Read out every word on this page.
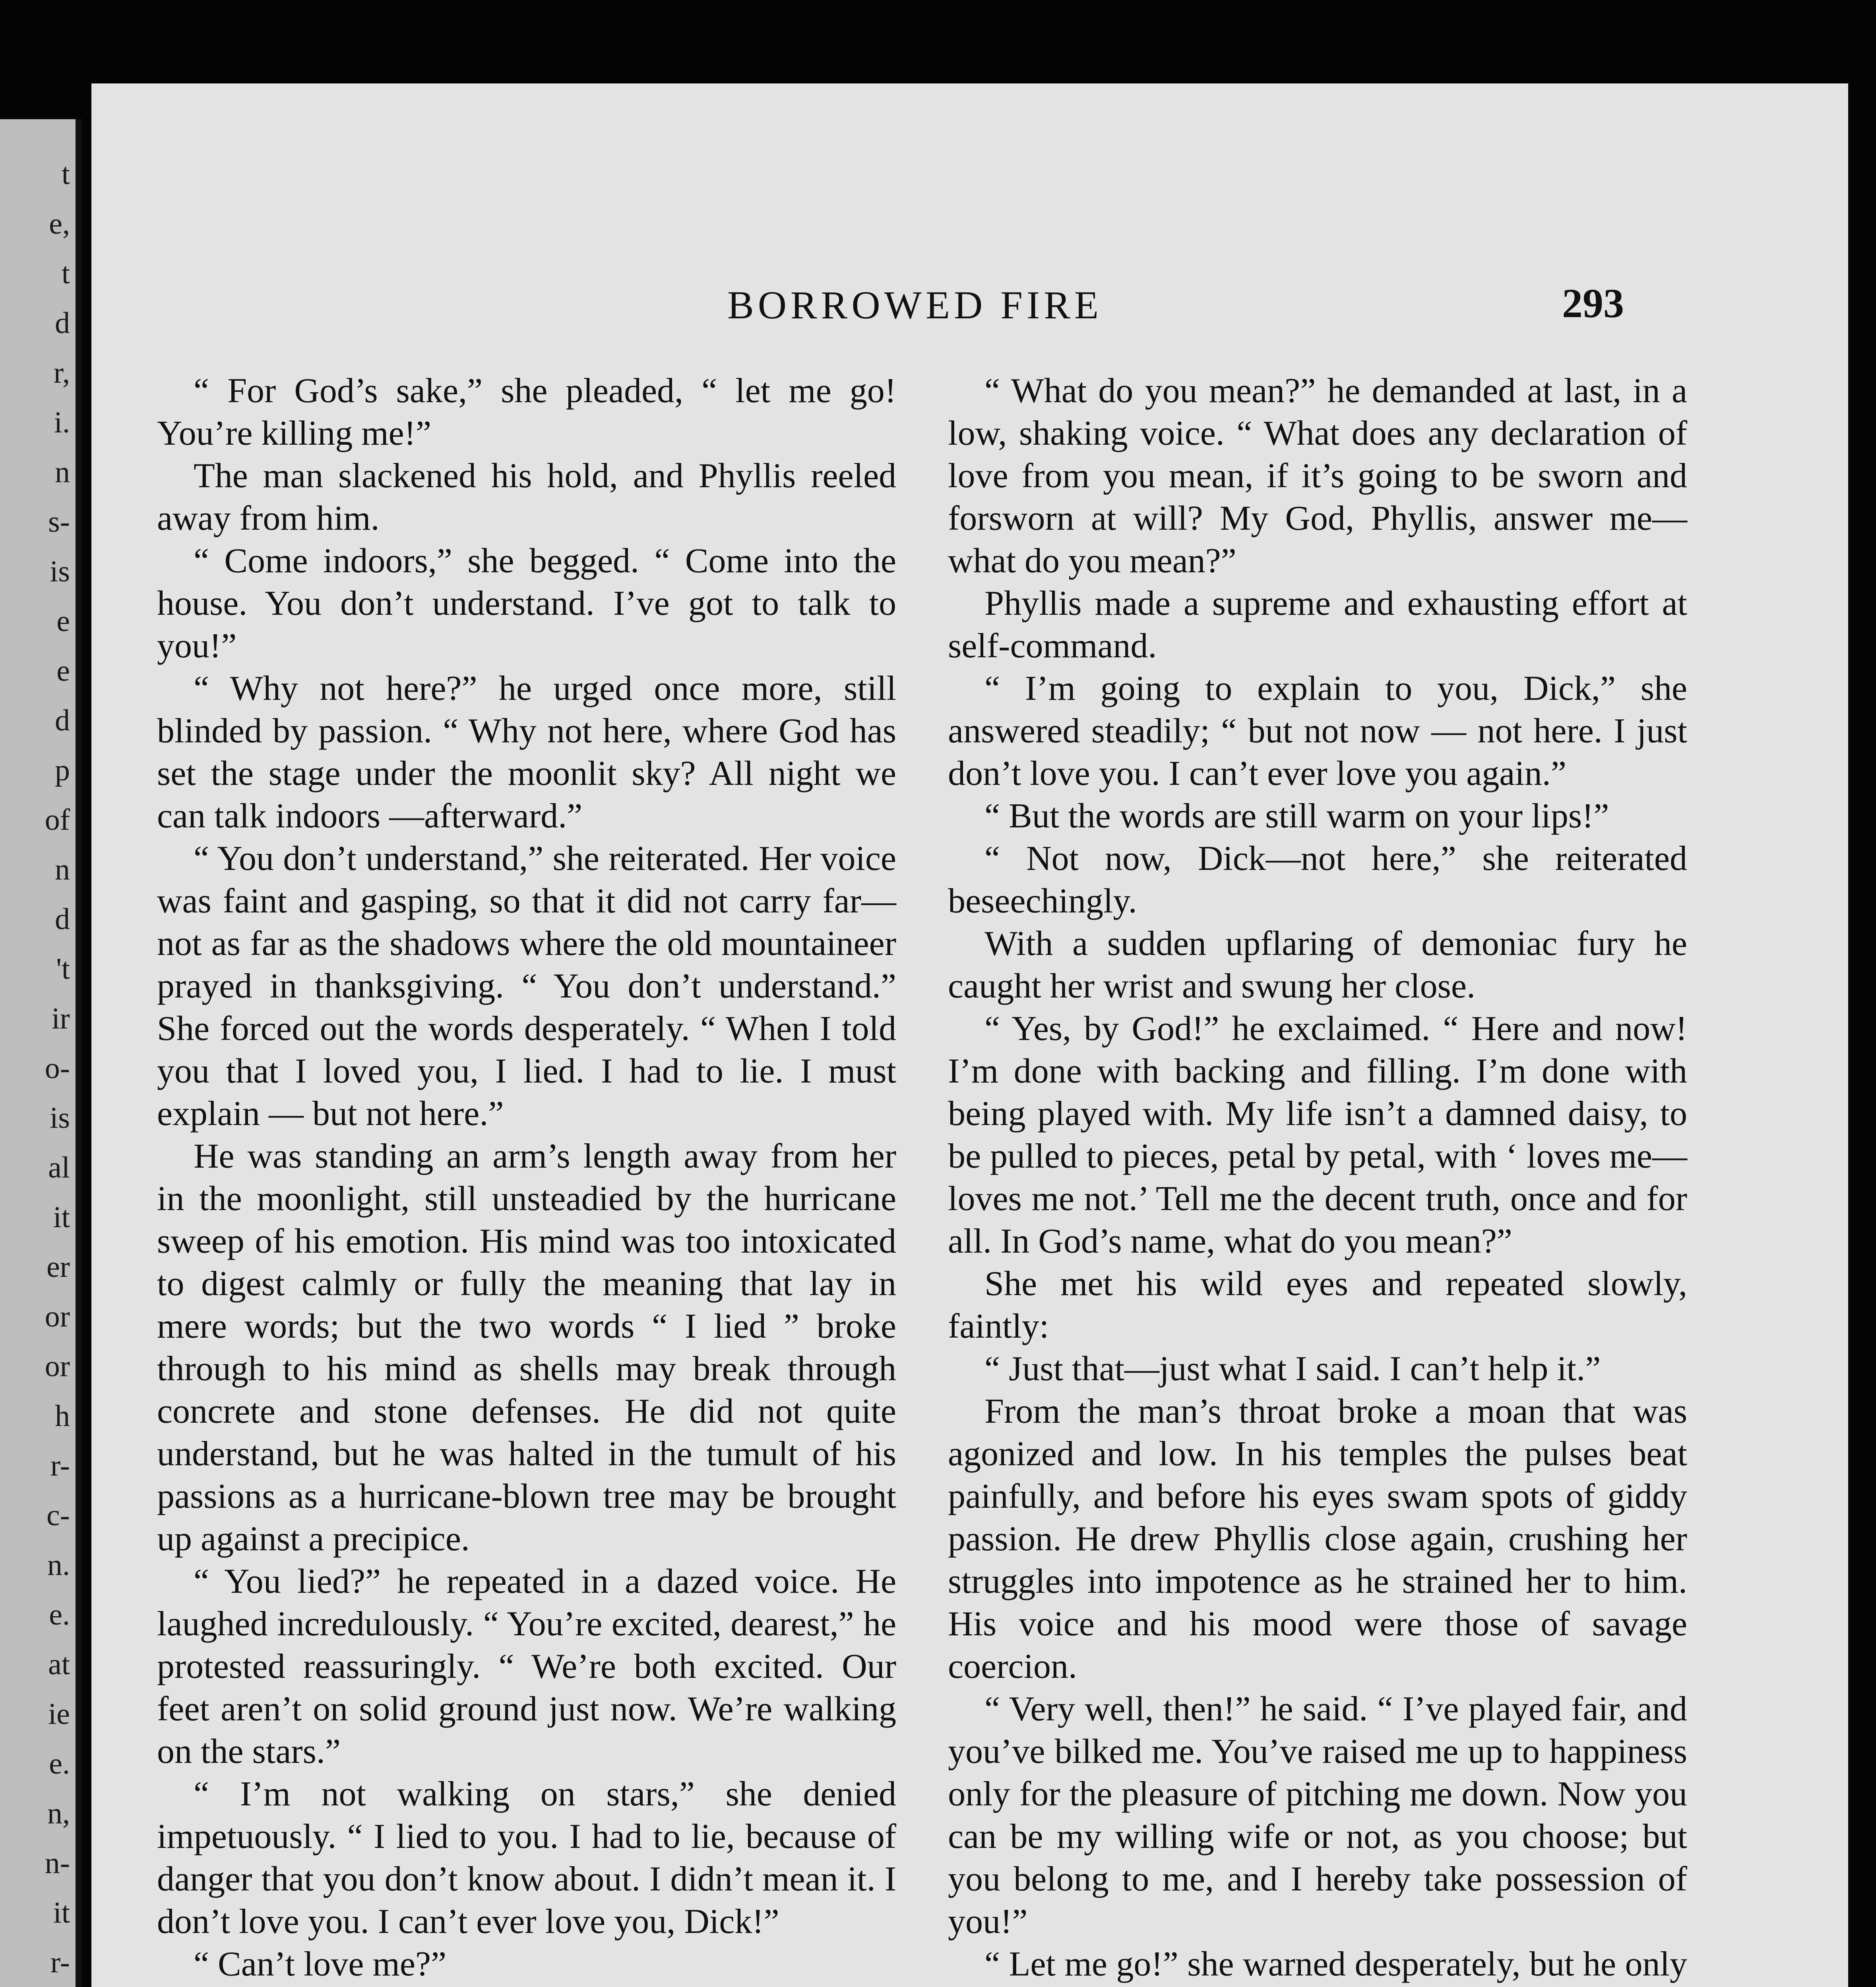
t
e,
t
d
r,
i.
n
s-
is
e
e
d
p
of
n
d
't
ir
o-
is
al
it
er
or
or
h
r-
c-
n.
e.
at
ie
e.
n,
n-
it
r-
BORROWED FIRE	293

“ For God’s sake,” she pleaded, “ let me go! You’re killing me!”

The man slackened his hold, and Phyllis reeled away from him.

“ Come indoors,” she begged. “ Come into the house. You don’t understand. I’ve got to talk to you!”

“ Why not here?” he urged once more, still blinded by passion. “ Why not here, where God has set the stage under the moonlit sky? All night we can talk indoors —afterward.”

“ You don’t understand,” she reiterated. Her voice was faint and gasping, so that it did not carry far—not as far as the shadows where the old mountaineer prayed in thanksgiving. “ You don’t understand.” She forced out the words desperately. “ When I told you that I loved you, I lied. I had to lie. I must explain — but not here.”

He was standing an arm’s length away from her in the moonlight, still unsteadied by the hurricane sweep of his emotion. His mind was too intoxicated to digest calmly or fully the meaning that lay in mere words; but the two words “ I lied ” broke through to his mind as shells may break through concrete and stone defenses. He did not quite understand, but he was halted in the tumult of his passions as a hurricane-blown tree may be brought up against a precipice.

“ You lied?” he repeated in a dazed voice. He laughed incredulously. “ You’re excited, dearest,” he protested reassuringly. “ We’re both excited. Our feet aren’t on solid ground just now. We’re walking on the stars.”

“ I’m not walking on stars,” she denied impetuously. “ I lied to you. I had to lie, because of danger that you don’t know about. I didn’t mean it. I don’t love you. I can’t ever love you, Dick!”

“ Can’t love me?”

“ What do you mean?” he demanded at last, in a low, shaking voice. “ What does any declaration of love from you mean, if it’s going to be sworn and forsworn at will? My God, Phyllis, answer me—what do you mean?”

Phyllis made a supreme and exhausting effort at self-command.

“ I’m going to explain to you, Dick,” she answered steadily; “ but not now — not here. I just don’t love you. I can’t ever love you again.”

“ But the words are still warm on your lips!”

“ Not now, Dick—not here,” she reiterated beseechingly.

With a sudden upflaring of demoniac fury he caught her wrist and swung her close.

“ Yes, by God!” he exclaimed. “ Here and now! I’m done with backing and filling. I’m done with being played with. My life isn’t a damned daisy, to be pulled to pieces, petal by petal, with ‘ loves me— loves me not.’ Tell me the decent truth, once and for all. In God’s name, what do you mean?”

She met his wild eyes and repeated slowly, faintly:

“ Just that—just what I said. I can’t help it.”

From the man’s throat broke a moan that was agonized and low. In his temples the pulses beat painfully, and before his eyes swam spots of giddy passion. He drew Phyllis close again, crushing her struggles into impotence as he strained her to him. His voice and his mood were those of savage coercion.

“ Very well, then!” he said. “ I’ve played fair, and you’ve bilked me. You’ve raised me up to happiness only for the pleasure of pitching me down. Now you can be my willing wife or not, as you choose; but you belong to me, and I hereby take possession of you!”

“ Let me go!” she warned desperately, but he only
